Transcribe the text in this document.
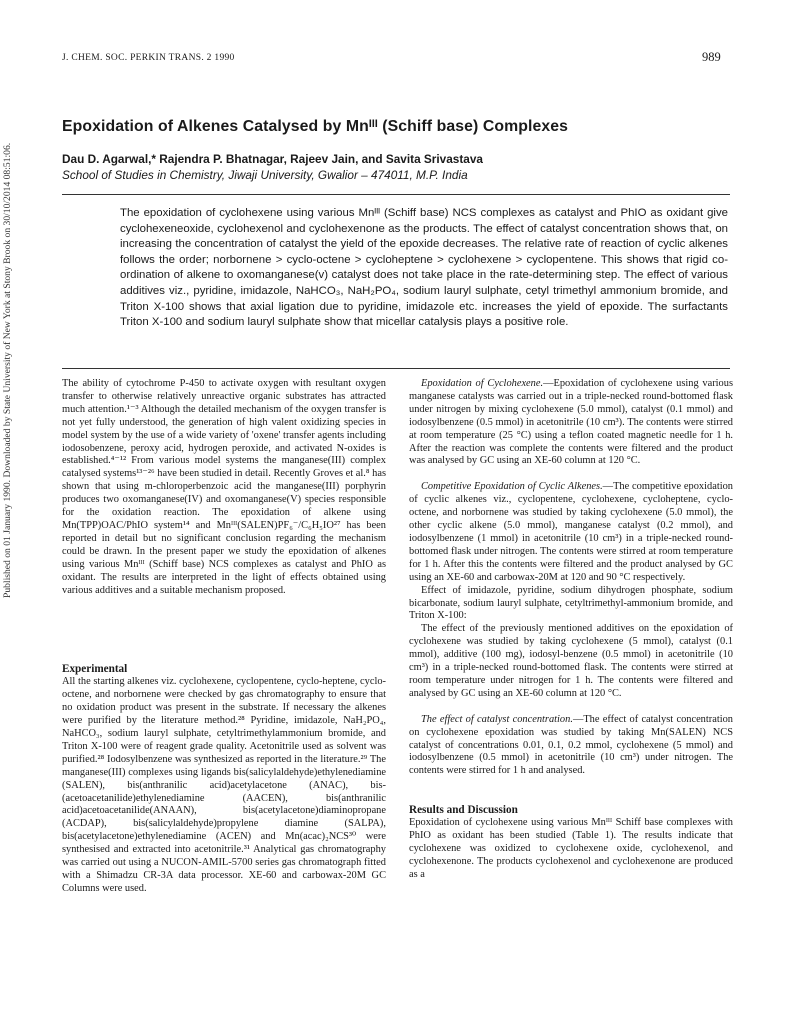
Published on 01 January 1990. Downloaded by State University of New York at Stony Brook on 30/10/2014 08:51:06.
J. CHEM. SOC. PERKIN TRANS. 2 1990	989
Epoxidation of Alkenes Catalysed by Mnᴵᴵᴵ (Schiff base) Complexes
Dau D. Agarwal,* Rajendra P. Bhatnagar, Rajeev Jain, and Savita Srivastava
School of Studies in Chemistry, Jiwaji University, Gwalior – 474011, M.P. India

The epoxidation of cyclohexene using various Mnᴵᴵᴵ (Schiff base) NCS complexes as catalyst and PhIO as oxidant give cyclohexeneoxide, cyclohexenol and cyclohexenone as the products. The effect of catalyst concentration shows that, on increasing the concentration of catalyst the yield of the epoxide decreases. The relative rate of reaction of cyclic alkenes follows the order; norbornene > cyclo-octene > cycloheptene > cyclohexene > cyclopentene. This shows that rigid co-ordination of alkene to oxomanganese(v) catalyst does not take place in the rate-determining step. The effect of various additives viz., pyridine, imidazole, NaHCO₃, NaH₂PO₄, sodium lauryl sulphate, cetyl trimethyl ammonium bromide, and Triton X-100 shows that axial ligation due to pyridine, imidazole etc. increases the yield of epoxide. The surfactants Triton X-100 and sodium lauryl sulphate show that micellar catalysis plays a positive role.

The ability of cytochrome P-450 to activate oxygen with resultant oxygen transfer to otherwise relatively unreactive organic substrates has attracted much attention.¹⁻³ Although the detailed mechanism of the oxygen transfer is not yet fully understood, the generation of high valent oxidizing species in model system by the use of a wide variety of 'oxene' transfer agents including iodosobenzene, peroxy acid, hydrogen peroxide, and activated N-oxides is established.⁴⁻¹² From various model systems the manganese(III) complex catalysed systems¹³⁻²⁶ have been studied in detail. Recently Groves et al.⁸ has shown that using m-chloroperbenzoic acid the manganese(III) porphyrin produces two oxomanganese(IV) and oxomanganese(V) species responsible for the oxidation reaction. The epoxidation of alkene using Mn(TPP)OAC/PhIO system¹⁴ and Mnᴵᴵᴵ(SALEN)PF₆⁻/C₆H₅IO²⁷ has been reported in detail but no significant conclusion regarding the mechanism could be drawn. In the present paper we study the epoxidation of alkenes using various Mnᴵᴵᴵ (Schiff base) NCS complexes as catalyst and PhIO as oxidant. The results are interpreted in the light of effects obtained using various additives and a suitable mechanism proposed.

Experimental

All the starting alkenes viz. cyclohexene, cyclopentene, cyclo-heptene, cyclo-octene, and norbornene were checked by gas chromatography to ensure that no oxidation product was present in the substrate. If necessary the alkenes were purified by the literature method.²⁸ Pyridine, imidazole, NaH₂PO₄, NaHCO₃, sodium lauryl sulphate, cetyltrimethylammonium bromide, and Triton X-100 were of reagent grade quality. Acetonitrile used as solvent was purified.²⁸ Iodosylbenzene was synthesized as reported in the literature.²⁹ The manganese(III) complexes using ligands bis(salicylaldehyde)ethylenediamine (SALEN), bis(anthranilic acid)acetylacetone (ANAC), bis-(acetoacetanilide)ethylenediamine (AACEN), bis(anthranilic acid)acetoacetanilide(ANAAN), bis(acetylacetone)diaminopropane (ACDAP), bis(salicylaldehyde)propylene diamine (SALPA), bis(acetylacetone)ethylenediamine (ACEN) and Mn(acac)₂NCS³⁰ were synthesised and extracted into acetonitrile.³¹ Analytical gas chromatography was carried out using a NUCON-AMIL-5700 series gas chromatograph fitted with a Shimadzu CR-3A data processor. XE-60 and carbowax-20M GC Columns were used.

Epoxidation of Cyclohexene.—Epoxidation of cyclohexene using various manganese catalysts was carried out in a triple-necked round-bottomed flask under nitrogen by mixing cyclohexene (5.0 mmol), catalyst (0.1 mmol) and iodosylbenzene (0.5 mmol) in acetonitrile (10 cm³). The contents were stirred at room temperature (25 °C) using a teflon coated magnetic needle for 1 h. After the reaction was complete the contents were filtered and the product was analysed by GC using an XE-60 column at 120 °C.

Competitive Epoxidation of Cyclic Alkenes.—The competitive epoxidation of cyclic alkenes viz., cyclopentene, cyclohexene, cycloheptene, cyclo-octene, and norbornene was studied by taking cyclohexene (5.0 mmol), the other cyclic alkene (5.0 mmol), manganese catalyst (0.2 mmol), and iodosylbenzene (1 mmol) in acetonitrile (10 cm³) in a triple-necked round-bottomed flask under nitrogen. The contents were stirred at room temperature for 1 h. After this the contents were filtered and the product analysed by GC using an XE-60 and carbowax-20M at 120 and 90 °C respectively.

Effect of imidazole, pyridine, sodium dihydrogen phosphate, sodium bicarbonate, sodium lauryl sulphate, cetyltrimethyl-ammonium bromide, and Triton X-100:

The effect of the previously mentioned additives on the epoxidation of cyclohexene was studied by taking cyclohexene (5 mmol), catalyst (0.1 mmol), additive (100 mg), iodosyl-benzene (0.5 mmol) in acetonitrile (10 cm³) in a triple-necked round-bottomed flask. The contents were stirred at room temperature under nitrogen for 1 h. The contents were filtered and analysed by GC using an XE-60 column at 120 °C.

The effect of catalyst concentration.—The effect of catalyst concentration on cyclohexene epoxidation was studied by taking Mn(SALEN) NCS catalyst of concentrations 0.01, 0.1, 0.2 mmol, cyclohexene (5 mmol) and iodosylbenzene (0.5 mmol) in acetonitrile (10 cm³) under nitrogen. The contents were stirred for 1 h and analysed.

Results and Discussion

Epoxidation of cyclohexene using various Mnᴵᴵᴵ Schiff base complexes with PhIO as oxidant has been studied (Table 1). The results indicate that cyclohexene was oxidized to cyclohexene oxide, cyclohexenol, and cyclohexenone. The products cyclohexenol and cyclohexenone are produced as a
